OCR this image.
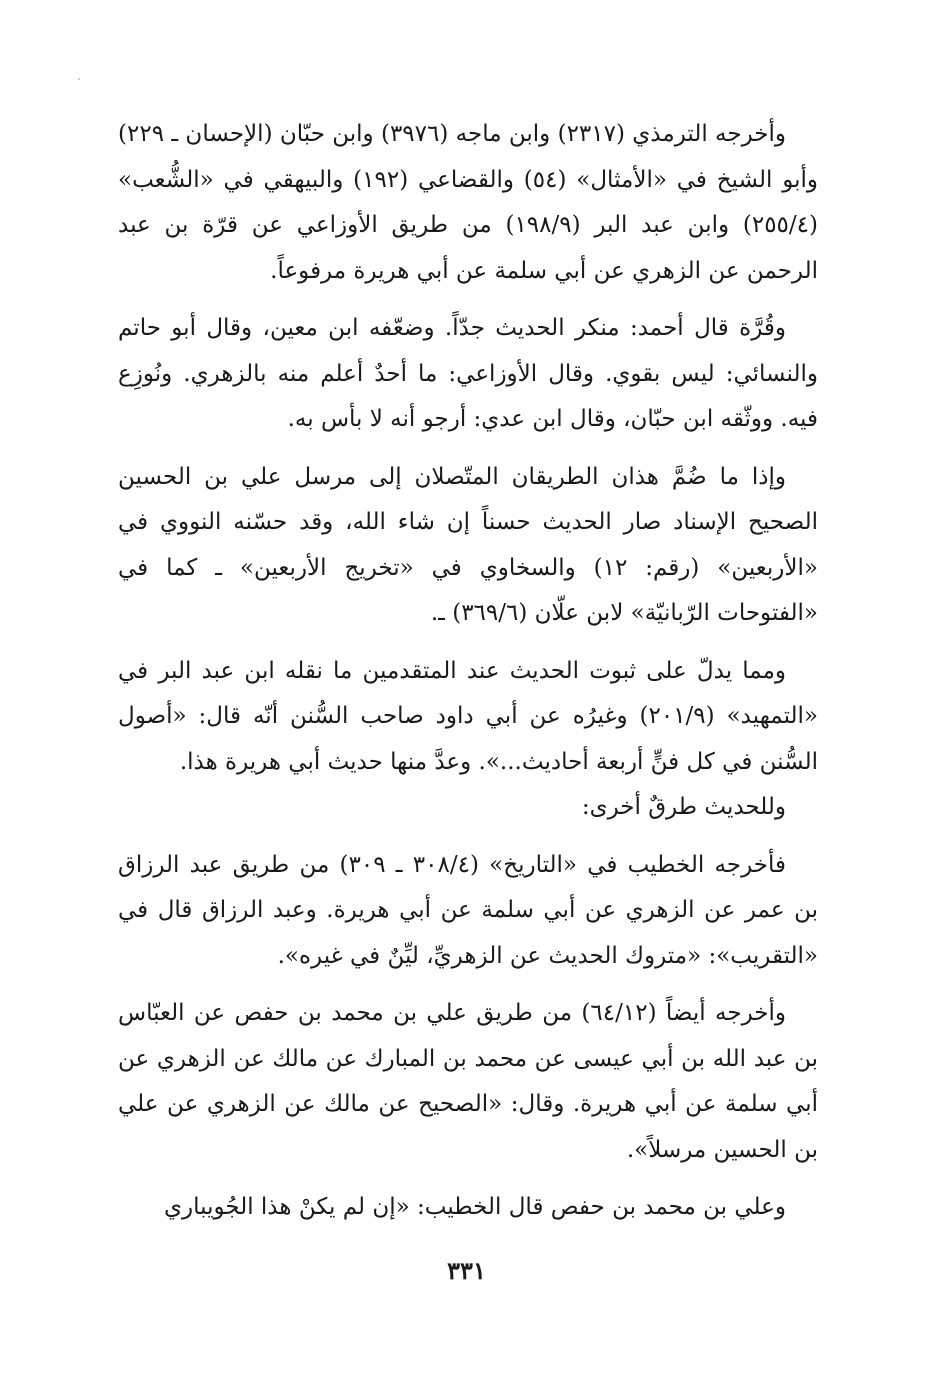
وأخرجه الترمذي (٢٣١٧) وابن ماجه (٣٩٧٦) وابن حبّان (الإحسان ـ ٢٢٩) وأبو الشيخ في «الأمثال» (٥٤) والقضاعي (١٩٢) والبيهقي في «الشُّعب» (٢٥٥/٤) وابن عبد البر (١٩٨/٩) من طريق الأوزاعي عن قرّة بن عبد الرحمن عن الزهري عن أبي سلمة عن أبي هريرة مرفوعاً.

وقُرَّة قال أحمد: منكر الحديث جدّاً. وضعّفه ابن معين، وقال أبو حاتم والنسائي: ليس بقوي. وقال الأوزاعي: ما أحدٌ أعلم منه بالزهري. ونُوزِع فيه. ووثّقه ابن حبّان، وقال ابن عدي: أرجو أنه لا بأس به.

وإذا ما ضُمَّ هذان الطريقان المتّصلان إلى مرسل علي بن الحسين الصحيح الإسناد صار الحديث حسناً إن شاء الله، وقد حسّنه النووي في «الأربعين» (رقم: ١٢) والسخاوي في «تخريج الأربعين» ـ كما في «الفتوحات الرّبانيّة» لابن علّان (٣٦٩/٦) ـ.

ومما يدلّ على ثبوت الحديث عند المتقدمين ما نقله ابن عبد البر في «التمهيد» (٢٠١/٩) وغيرُه عن أبي داود صاحب السُّنن أنّه قال: «أصول السُّنن في كل فنٍّ أربعة أحاديث...». وعدَّ منها حديث أبي هريرة هذا.

وللحديث طرقٌ أخرى:

فأخرجه الخطيب في «التاريخ» (٣٠٨/٤ ـ ٣٠٩) من طريق عبد الرزاق بن عمر عن الزهري عن أبي سلمة عن أبي هريرة. وعبد الرزاق قال في «التقريب»: «متروك الحديث عن الزهريِّ، ليِّنٌ في غيره».

وأخرجه أيضاً (٦٤/١٢) من طريق علي بن محمد بن حفص عن العبّاس بن عبد الله بن أبي عيسى عن محمد بن المبارك عن مالك عن الزهري عن أبي سلمة عن أبي هريرة. وقال: «الصحيح عن مالك عن الزهري عن علي بن الحسين مرسلاً».

وعلي بن محمد بن حفص قال الخطيب: «إن لم يكنْ هذا الجُويباري

٣٣١
